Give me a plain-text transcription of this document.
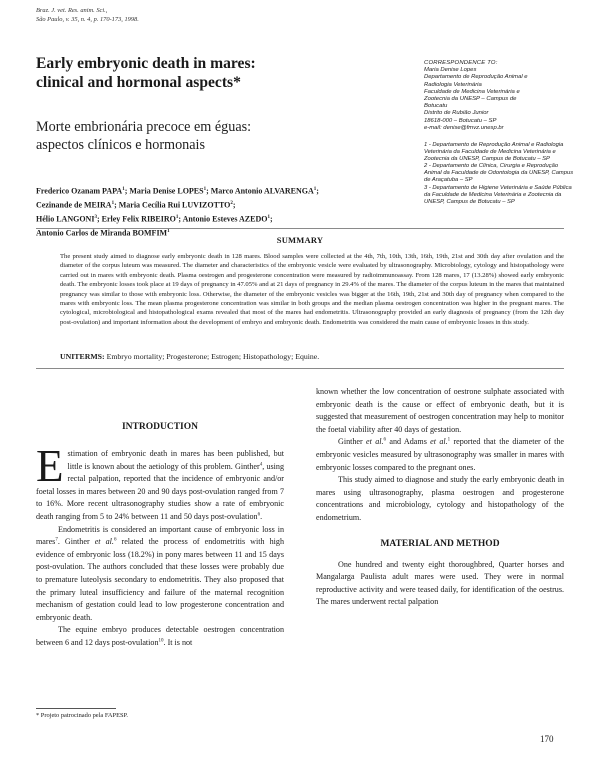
Braz. J. vet. Res. anim. Sci.,
São Paulo, v. 35, n. 4, p. 170-173, 1998.
Early embryonic death in mares:
clinical and hormonal aspects*
Morte embrionária precoce em éguas:
aspectos clínicos e hormonais
Frederico Ozanam PAPA$^1$; Maria Denise LOPES$^1$; Marco Antonio ALVARENGA$^1$;
Cezinande de MEIRA$^1$; Maria Cecília Rui LUVIZOTTO$^2$;
Hélio LANGONI$^3$; Erley Felix RIBEIRO$^1$; Antonio Esteves AZEDO$^1$;
Antonio Carlos de Miranda BOMFIM$^1$
CORRESPONDENCE TO:
Maria Denise Lopes
Departamento de Reprodução Animal e
Radiologia Veterinária
Faculdade de Medicina Veterinária e
Zootecnia da UNESP – Campus de
Botucatu
Distrito de Rubião Junior
18618-000 – Botucatu – SP
e-mail: denise@fmvz.unesp.br

1 - Departamento de Reprodução Animal e Radiologia Veterinária da Faculdade de Medicina Veterinária e Zootecnia da UNESP, Campus de Botucatu – SP

2 - Departamento de Clínica, Cirurgia e Reprodução Animal da Faculdade de Odontologia da UNESP, Campus de Araçatuba – SP

3 - Departamento de Higiene Veterinária e Saúde Pública da Faculdade de Medicina Veterinária e Zootecnia da UNESP, Campus de Botucatu – SP

SUMMARY
The present study aimed to diagnose early embryonic death in 128 mares. Blood samples were collected at the 4th, 7th, 10th, 13th, 16th, 19th, 21st and 30th day after ovulation and the diameter of the corpus luteum was measured. The diameter and characteristics of the embryonic vesicle were evaluated by ultrasonography. Microbiology, cytology and histopathology were carried out in mares with embryonic death. Plasma oestrogen and progesterone concentration were measured by radioimmunoassay. From 128 mares, 17 (13.28%) showed early embryonic death. The embryonic losses took place at 19 days of pregnancy in 47.05% and at 21 days of pregnancy in 29.4% of the mares. The diameter of the corpus luteum in the mares that maintained pregnancy was similar to those with embryonic loss. Otherwise, the diameter of the embryonic vesicles was bigger at the 16th, 19th, 21st and 30th day of pregnancy when compared to the mares with embryonic loss. The mean plasma progesterone concentration was similar in both groups and the median plasma oestrogen concentration was higher in the pregnant mares. The cytological, microbiological and histopathological exams revealed that most of the mares had endometritis. Ultrasonography provided an early diagnosis of pregnancy (from the 12th day post-ovulation) and important information about the development of embryo and embryonic death. Endometritis was considered the main cause of embryonic losses in this study.
UNITERMS: Embryo mortality; Progesterone; Estrogen; Histopathology; Equine.
INTRODUCTION

Estimation of embryonic death in mares has been published, but little is known about the aetiology of this problem. Ginther$^4$, using rectal palpation, reported that the incidence of embryonic and/or foetal losses in mares between 20 and 90 days post-ovulation ranged from 7 to 16%. More recent ultrasonography studies show a rate of embryonic death ranging from 5 to 24% between 11 and 50 days post-ovulation$^6$.

Endometritis is considered an important cause of embryonic loss in mares$^7$. Ginther et al.$^6$ related the process of endometritis with high evidence of embryonic loss (18.2%) in pony mares between 11 and 15 days post-ovulation. The authors concluded that these losses were probably due to premature luteolysis secondary to endometritis. They also proposed that the primary luteal insufficiency and failure of the maternal recognition mechanism of gestation could lead to low progesterone concentration and embryonic death.

The equine embryo produces detectable oestrogen concentration between 6 and 12 days post-ovulation$^{10}$. It is not

known whether the low concentration of oestrone sulphate associated with embryonic death is the cause or effect of embryonic death, but it is suggested that measurement of oestrogen concentration may help to monitor the foetal viability after 40 days of gestation.

Ginther et al.$^6$ and Adams et al.$^1$ reported that the diameter of the embryonic vesicles measured by ultrasonography was smaller in mares with embryonic losses compared to the pregnant ones.

This study aimed to diagnose and study the early embryonic death in mares using ultrasonography, plasma oestrogen and progesterone concentrations and microbiology, cytology and histopathology of the endometrium.

MATERIAL AND METHOD

One hundred and twenty eight thoroughbred, Quarter horses and Mangalarga Paulista adult mares were used. They were in normal reproductive activity and were teased daily, for identification of the oestrus. The mares underwent rectal palpation

* Projeto patrocinado pela FAPESP.
170
